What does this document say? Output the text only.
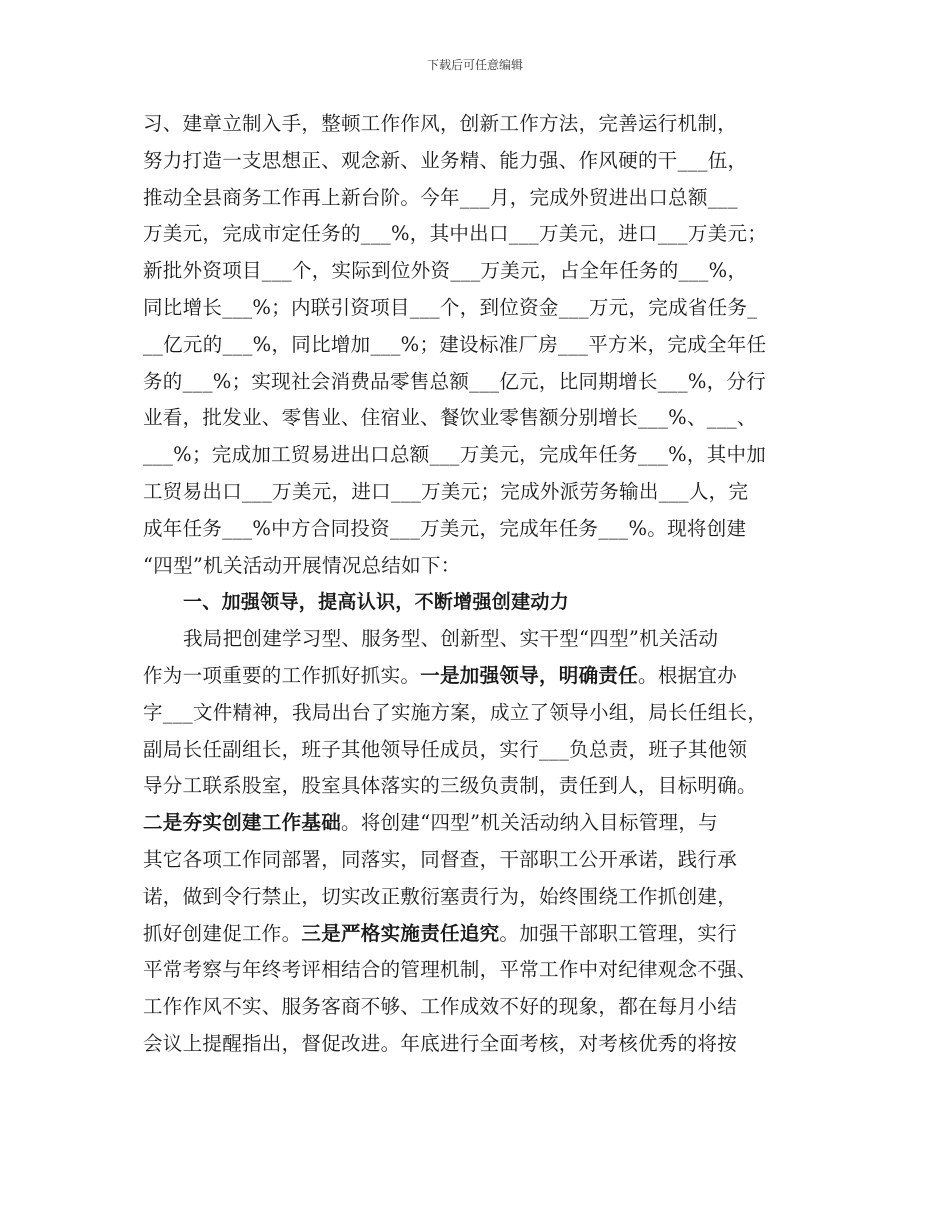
下载后可任意编辑
习、建章立制入手，整顿工作作风，创新工作方法，完善运行机制，
努力打造一支思想正、观念新、业务精、能力强、作风硬的干___伍，
推动全县商务工作再上新台阶。今年___月，完成外贸进出口总额___
万美元，完成市定任务的___%，其中出口___万美元，进口___万美元；
新批外资项目___个，实际到位外资___万美元，占全年任务的___%，
同比增长___%；内联引资项目___个，到位资金___万元，完成省任务_
__亿元的___%，同比增加___%；建设标准厂房___平方米，完成全年任
务的___%；实现社会消费品零售总额___亿元，比同期增长___%，分行
业看，批发业、零售业、住宿业、餐饮业零售额分别增长___%、___、
___%；完成加工贸易进出口总额___万美元，完成年任务___%，其中加
工贸易出口___万美元，进口___万美元；完成外派劳务输出___人，完
成年任务___%中方合同投资___万美元，完成年任务___%。现将创建
“四型”机关活动开展情况总结如下：
一、加强领导，提高认识，不断增强创建动力
我局把创建学习型、服务型、创新型、实干型“四型”机关活动
作为一项重要的工作抓好抓实。一是加强领导，明确责任。根据宜办
字___文件精神，我局出台了实施方案，成立了领导小组，局长任组长，
副局长任副组长，班子其他领导任成员，实行___负总责，班子其他领
导分工联系股室，股室具体落实的三级负责制，责任到人，目标明确。
二是夯实创建工作基础。将创建“四型”机关活动纳入目标管理，与
其它各项工作同部署，同落实，同督查，干部职工公开承诺，践行承
诺，做到令行禁止，切实改正敷衍塞责行为，始终围绕工作抓创建，
抓好创建促工作。三是严格实施责任追究。加强干部职工管理，实行
平常考察与年终考评相结合的管理机制，平常工作中对纪律观念不强、
工作作风不实、服务客商不够、工作成效不好的现象，都在每月小结
会议上提醒指出，督促改进。年底进行全面考核，对考核优秀的将按
